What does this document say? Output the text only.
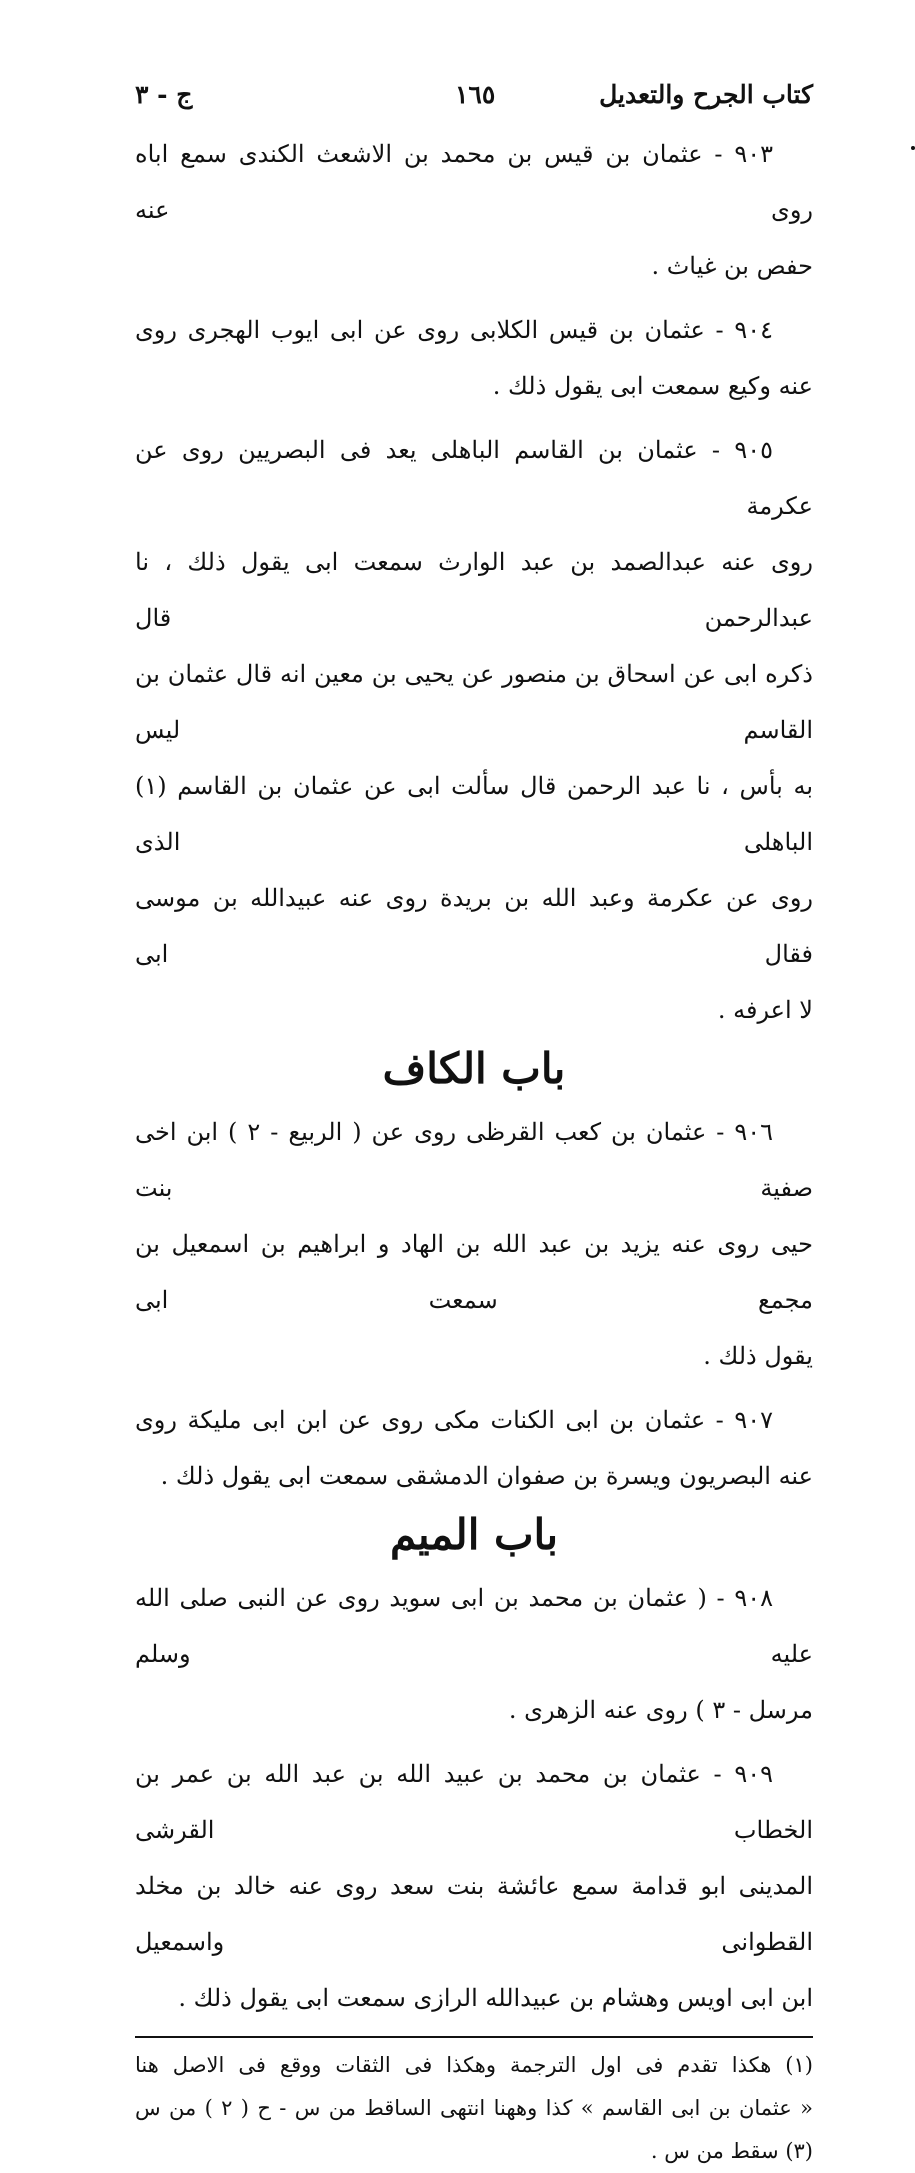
كتاب الجرح والتعديل
١٦٥
ج - ٣

٩٠٣ - عثمان بن قيس بن محمد بن الاشعث الكندى سمع اباه روى عنه
حفص بن غياث .

٩٠٤ - عثمان بن قيس الكلابى روى عن ابى ايوب الهجرى روى
عنه وكيع سمعت ابى يقول ذلك .

٩٠٥ - عثمان بن القاسم الباهلى يعد فى البصريين روى عن عكرمة
روى عنه عبدالصمد بن عبد الوارث سمعت ابى يقول ذلك ، نا عبدالرحمن قال
ذكره ابى عن اسحاق بن منصور عن يحيى بن معين انه قال عثمان بن القاسم ليس
به بأس ، نا عبد الرحمن قال سألت ابى عن عثمان بن القاسم (١) الباهلى الذى
روى عن عكرمة وعبد الله بن بريدة روى عنه عبيدالله بن موسى فقال ابى
لا اعرفه .

باب الكاف

٩٠٦ - عثمان بن كعب القرظى روى عن ( الربيع - ٢ ) ابن اخى صفية بنت
حيى روى عنه يزيد بن عبد الله بن الهاد و ابراهيم بن اسمعيل بن مجمع سمعت ابى
يقول ذلك .

٩٠٧ - عثمان بن ابى الكنات مكى روى عن ابن ابى مليكة روى
عنه البصريون ويسرة بن صفوان الدمشقى سمعت ابى يقول ذلك .

باب الميم

٩٠٨ - ( عثمان بن محمد بن ابى سويد روى عن النبى صلى الله عليه وسلم
مرسل - ٣ ) روى عنه الزهرى .

٩٠٩ - عثمان بن محمد بن عبيد الله بن عبد الله بن عمر بن الخطاب القرشى
المدينى ابو قدامة سمع عائشة بنت سعد روى عنه خالد بن مخلد القطوانى واسمعيل
ابن ابى اويس وهشام بن عبيدالله الرازى سمعت ابى يقول ذلك .

(١) هكذا تقدم فى اول الترجمة وهكذا فى الثقات ووقع فى الاصل هنا
« عثمان بن ابى القاسم » كذا وههنا انتهى الساقط من س - ح ( ٢ ) من س
(٣) سقط من س .
